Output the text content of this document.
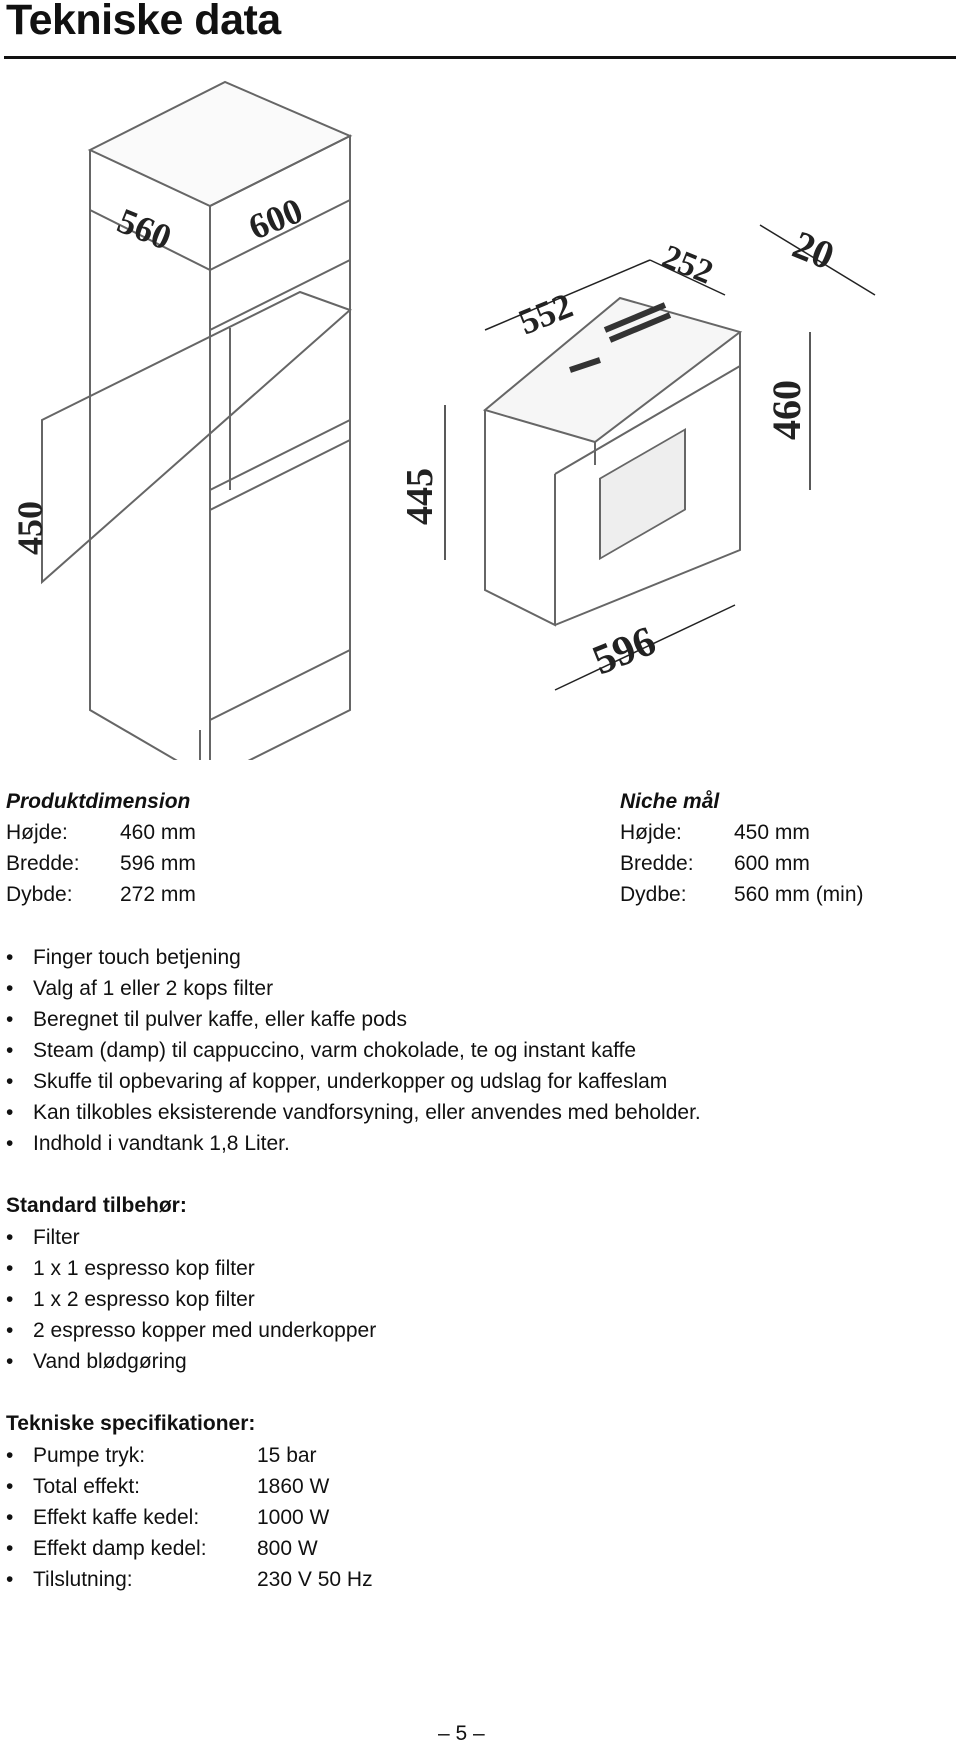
Tekniske data
560 600
450
552
252 20
445
460
596
Produktdimension
Højde:	460 mm
Bredde:	596 mm
Dybde:	272 mm
Niche mål
Højde:	450 mm
Bredde:	600 mm
Dydbe:	560 mm (min)
• Finger touch betjening
• Valg af 1 eller 2 kops filter
• Beregnet til pulver kaffe, eller kaffe pods
• Steam (damp) til cappuccino, varm chokolade, te og instant kaffe
• Skuffe til opbevaring af kopper, underkopper og udslag for kaffeslam
• Kan tilkobles eksisterende vandforsyning, eller anvendes med beholder.
• Indhold i vandtank 1,8 Liter.
Standard tilbehør:
• Filter
• 1 x 1 espresso kop filter
• 1 x 2 espresso kop filter
• 2 espresso kopper med underkopper
• Vand blødgøring
Tekniske specifikationer:
• Pumpe tryk:	15 bar
• Total effekt:	1860 W
• Effekt kaffe kedel:	1000 W
• Effekt damp kedel:	800 W
• Tilslutning:	230 V 50 Hz
– 5 –
